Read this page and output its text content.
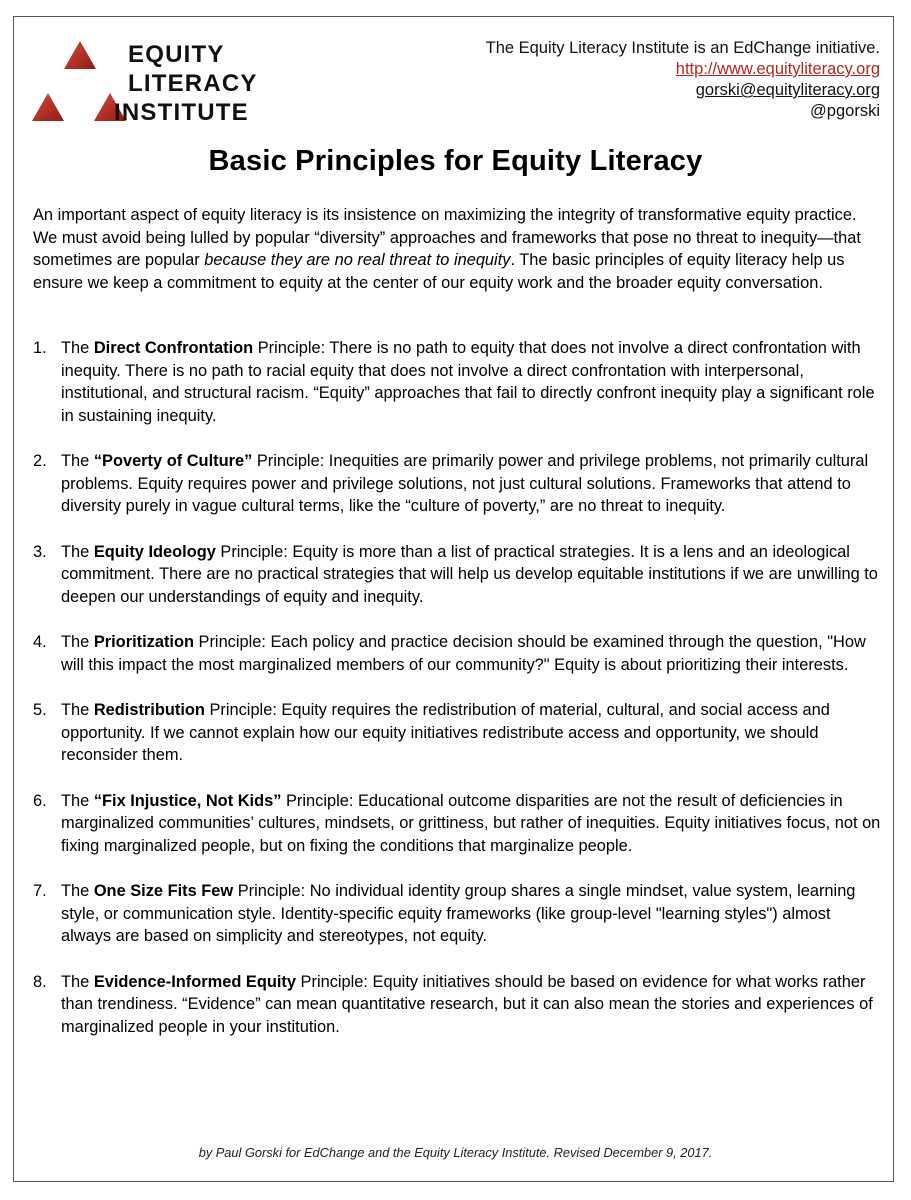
EQUITY
LITERACY
INSTITUTE
The Equity Literacy Institute is an EdChange initiative.
http://www.equityliteracy.org
gorski@equityliteracy.org
@pgorski
Basic Principles for Equity Literacy

An important aspect of equity literacy is its insistence on maximizing the integrity of transformative equity practice. We must avoid being lulled by popular “diversity” approaches and frameworks that pose no threat to inequity—that sometimes are popular because they are no real threat to inequity. The basic principles of equity literacy help us ensure we keep a commitment to equity at the center of our equity work and the broader equity conversation.

1. The Direct Confrontation Principle: There is no path to equity that does not involve a direct confrontation with inequity. There is no path to racial equity that does not involve a direct confrontation with interpersonal, institutional, and structural racism. “Equity” approaches that fail to directly confront inequity play a significant role in sustaining inequity.
2. The “Poverty of Culture” Principle: Inequities are primarily power and privilege problems, not primarily cultural problems. Equity requires power and privilege solutions, not just cultural solutions. Frameworks that attend to diversity purely in vague cultural terms, like the “culture of poverty,” are no threat to inequity.
3. The Equity Ideology Principle: Equity is more than a list of practical strategies. It is a lens and an ideological commitment. There are no practical strategies that will help us develop equitable institutions if we are unwilling to deepen our understandings of equity and inequity.
4. The Prioritization Principle: Each policy and practice decision should be examined through the question, "How will this impact the most marginalized members of our community?" Equity is about prioritizing their interests.
5. The Redistribution Principle: Equity requires the redistribution of material, cultural, and social access and opportunity. If we cannot explain how our equity initiatives redistribute access and opportunity, we should reconsider them.
6. The “Fix Injustice, Not Kids” Principle: Educational outcome disparities are not the result of deficiencies in marginalized communities’ cultures, mindsets, or grittiness, but rather of inequities. Equity initiatives focus, not on fixing marginalized people, but on fixing the conditions that marginalize people.
7. The One Size Fits Few Principle: No individual identity group shares a single mindset, value system, learning style, or communication style. Identity-specific equity frameworks (like group-level "learning styles") almost always are based on simplicity and stereotypes, not equity.
8. The Evidence-Informed Equity Principle: Equity initiatives should be based on evidence for what works rather than trendiness. “Evidence” can mean quantitative research, but it can also mean the stories and experiences of marginalized people in your institution.
by Paul Gorski for EdChange and the Equity Literacy Institute. Revised December 9, 2017.
